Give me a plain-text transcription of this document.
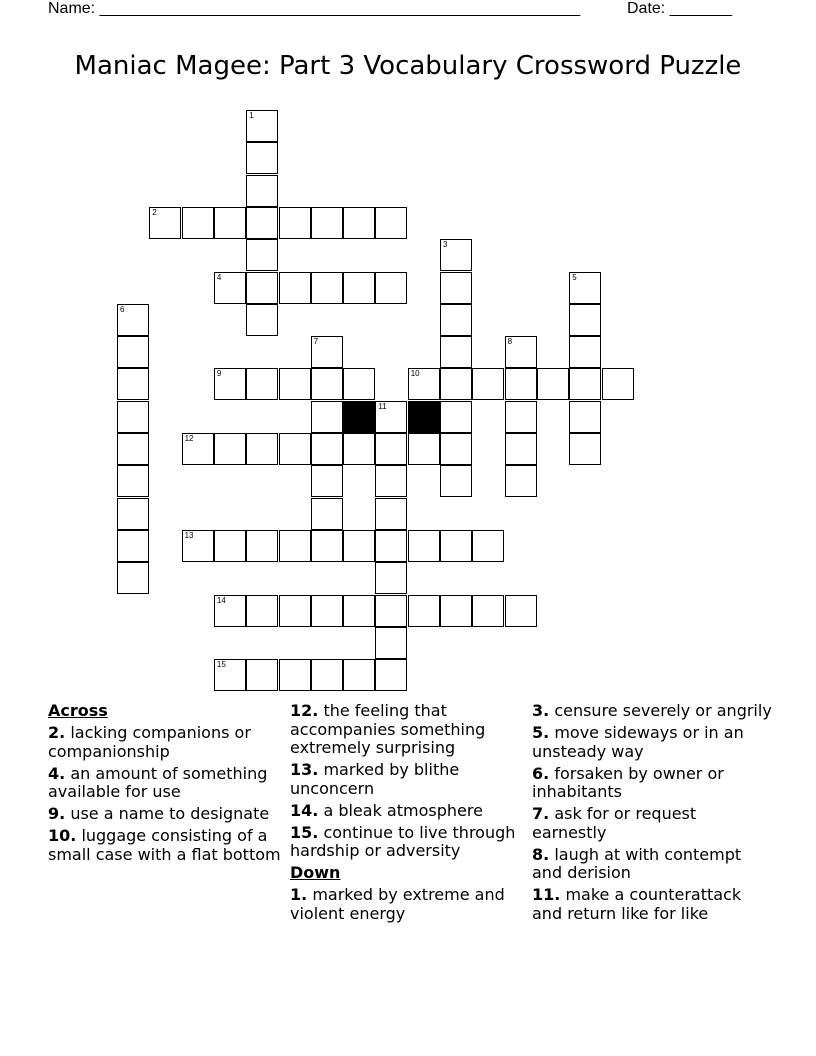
Name: ______________________________________________________	Date: _______
Maniac Magee: Part 3 Vocabulary Crossword Puzzle
2
4
9	10
12
13
14
15
1
3
5
6
7	8
11
Across
2. lacking companions or companionship
4. an amount of something available for use
9. use a name to designate
10. luggage consisting of a small case with a flat bottom
12. the feeling that accompanies something extremely surprising
13. marked by blithe unconcern
14. a bleak atmosphere
15. continue to live through hardship or adversity
Down
1. marked by extreme and violent energy
3. censure severely or angrily
5. move sideways or in an unsteady way
6. forsaken by owner or inhabitants
7. ask for or request earnestly
8. laugh at with contempt and derision
11. make a counterattack and return like for like
